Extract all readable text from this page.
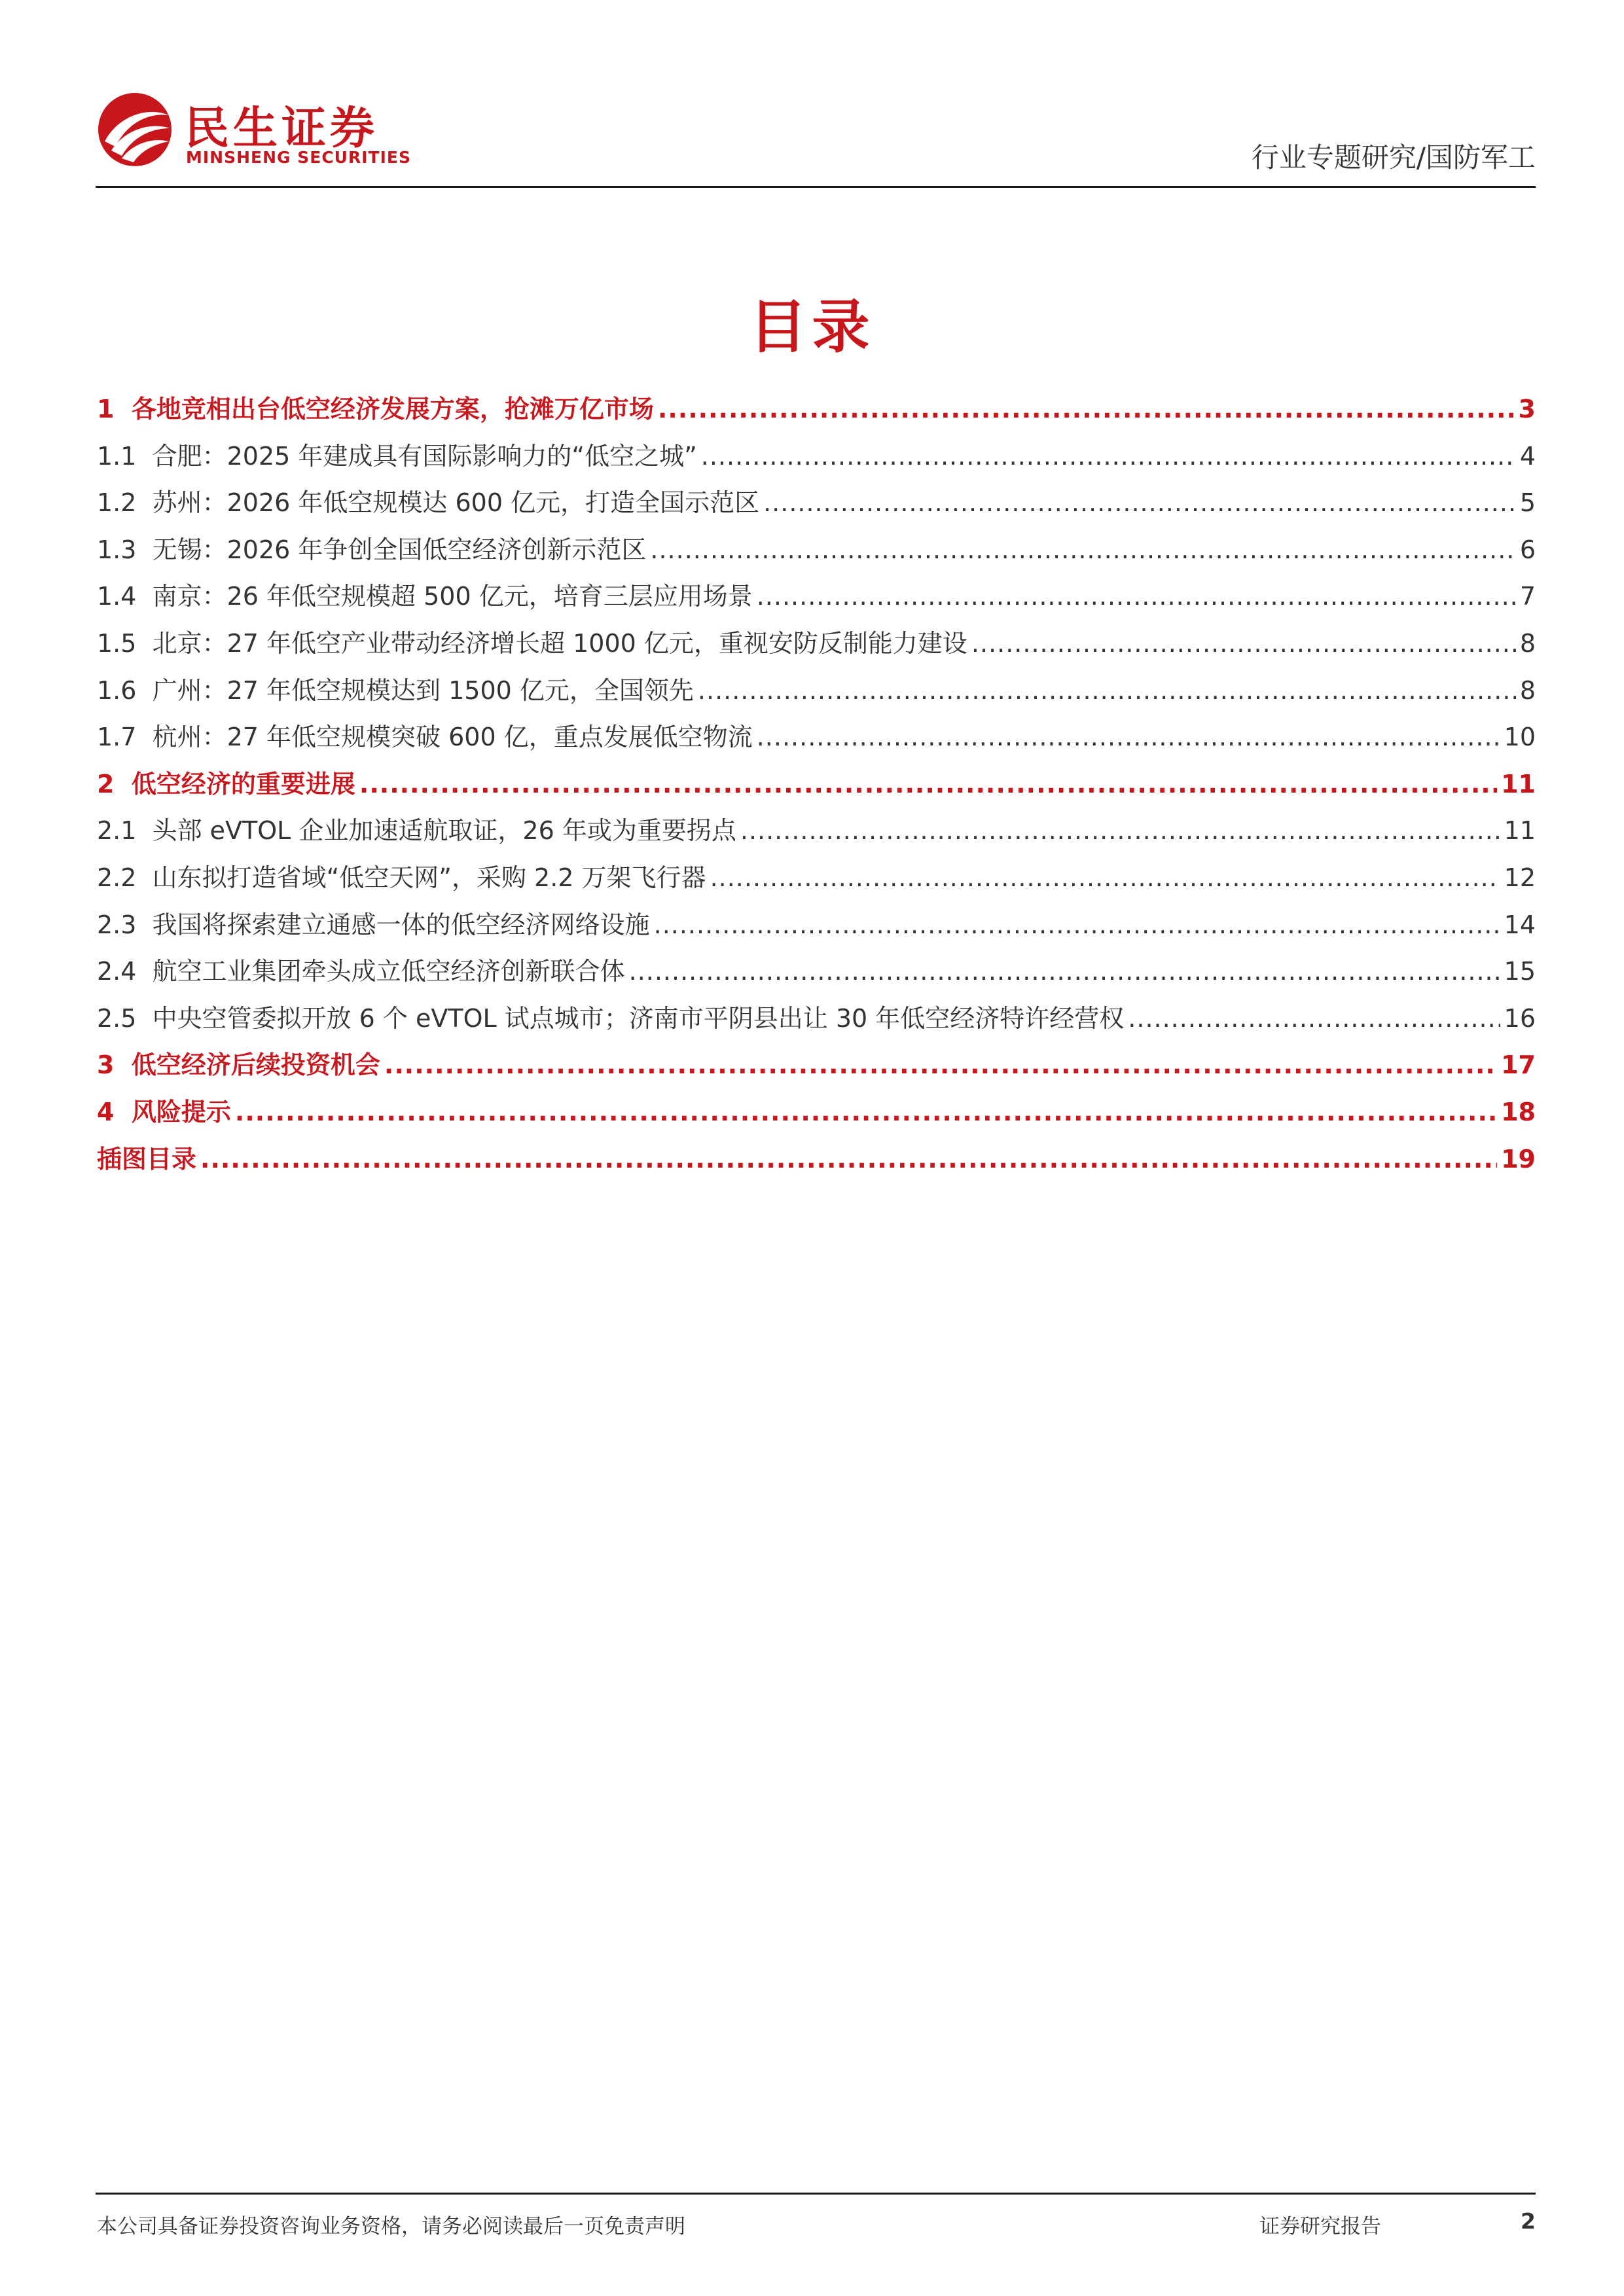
民生证券
MINSHENG SECURITIES	行业专题研究/国防军工
目录
1 各地竞相出台低空经济发展方案，抢滩万亿市场 .....	3
1.1 合肥：2025 年建成具有国际影响力的“低空之城” .....	4
1.2 苏州：2026 年低空规模达 600 亿元，打造全国示范区 .....	5
1.3 无锡：2026 年争创全国低空经济创新示范区 .....	6
1.4 南京：26 年低空规模超 500 亿元，培育三层应用场景 .....	7
1.5 北京：27 年低空产业带动经济增长超 1000 亿元，重视安防反制能力建设 .....	8
1.6 广州：27 年低空规模达到 1500 亿元，全国领先 .....	8
1.7 杭州：27 年低空规模突破 600 亿，重点发展低空物流 .....	10
2 低空经济的重要进展 .....	11
2.1 头部 eVTOL 企业加速适航取证，26 年或为重要拐点 .....	11
2.2 山东拟打造省域“低空天网”，采购 2.2 万架飞行器 .....	12
2.3 我国将探索建立通感一体的低空经济网络设施 .....	14
2.4 航空工业集团牵头成立低空经济创新联合体 .....	15
2.5 中央空管委拟开放 6 个 eVTOL 试点城市；济南市平阴县出让 30 年低空经济特许经营权 .....	16
3 低空经济后续投资机会 .....	17
4 风险提示 .....	18
插图目录 .....	19
本公司具备证券投资咨询业务资格，请务必阅读最后一页免责声明	证券研究报告	2
